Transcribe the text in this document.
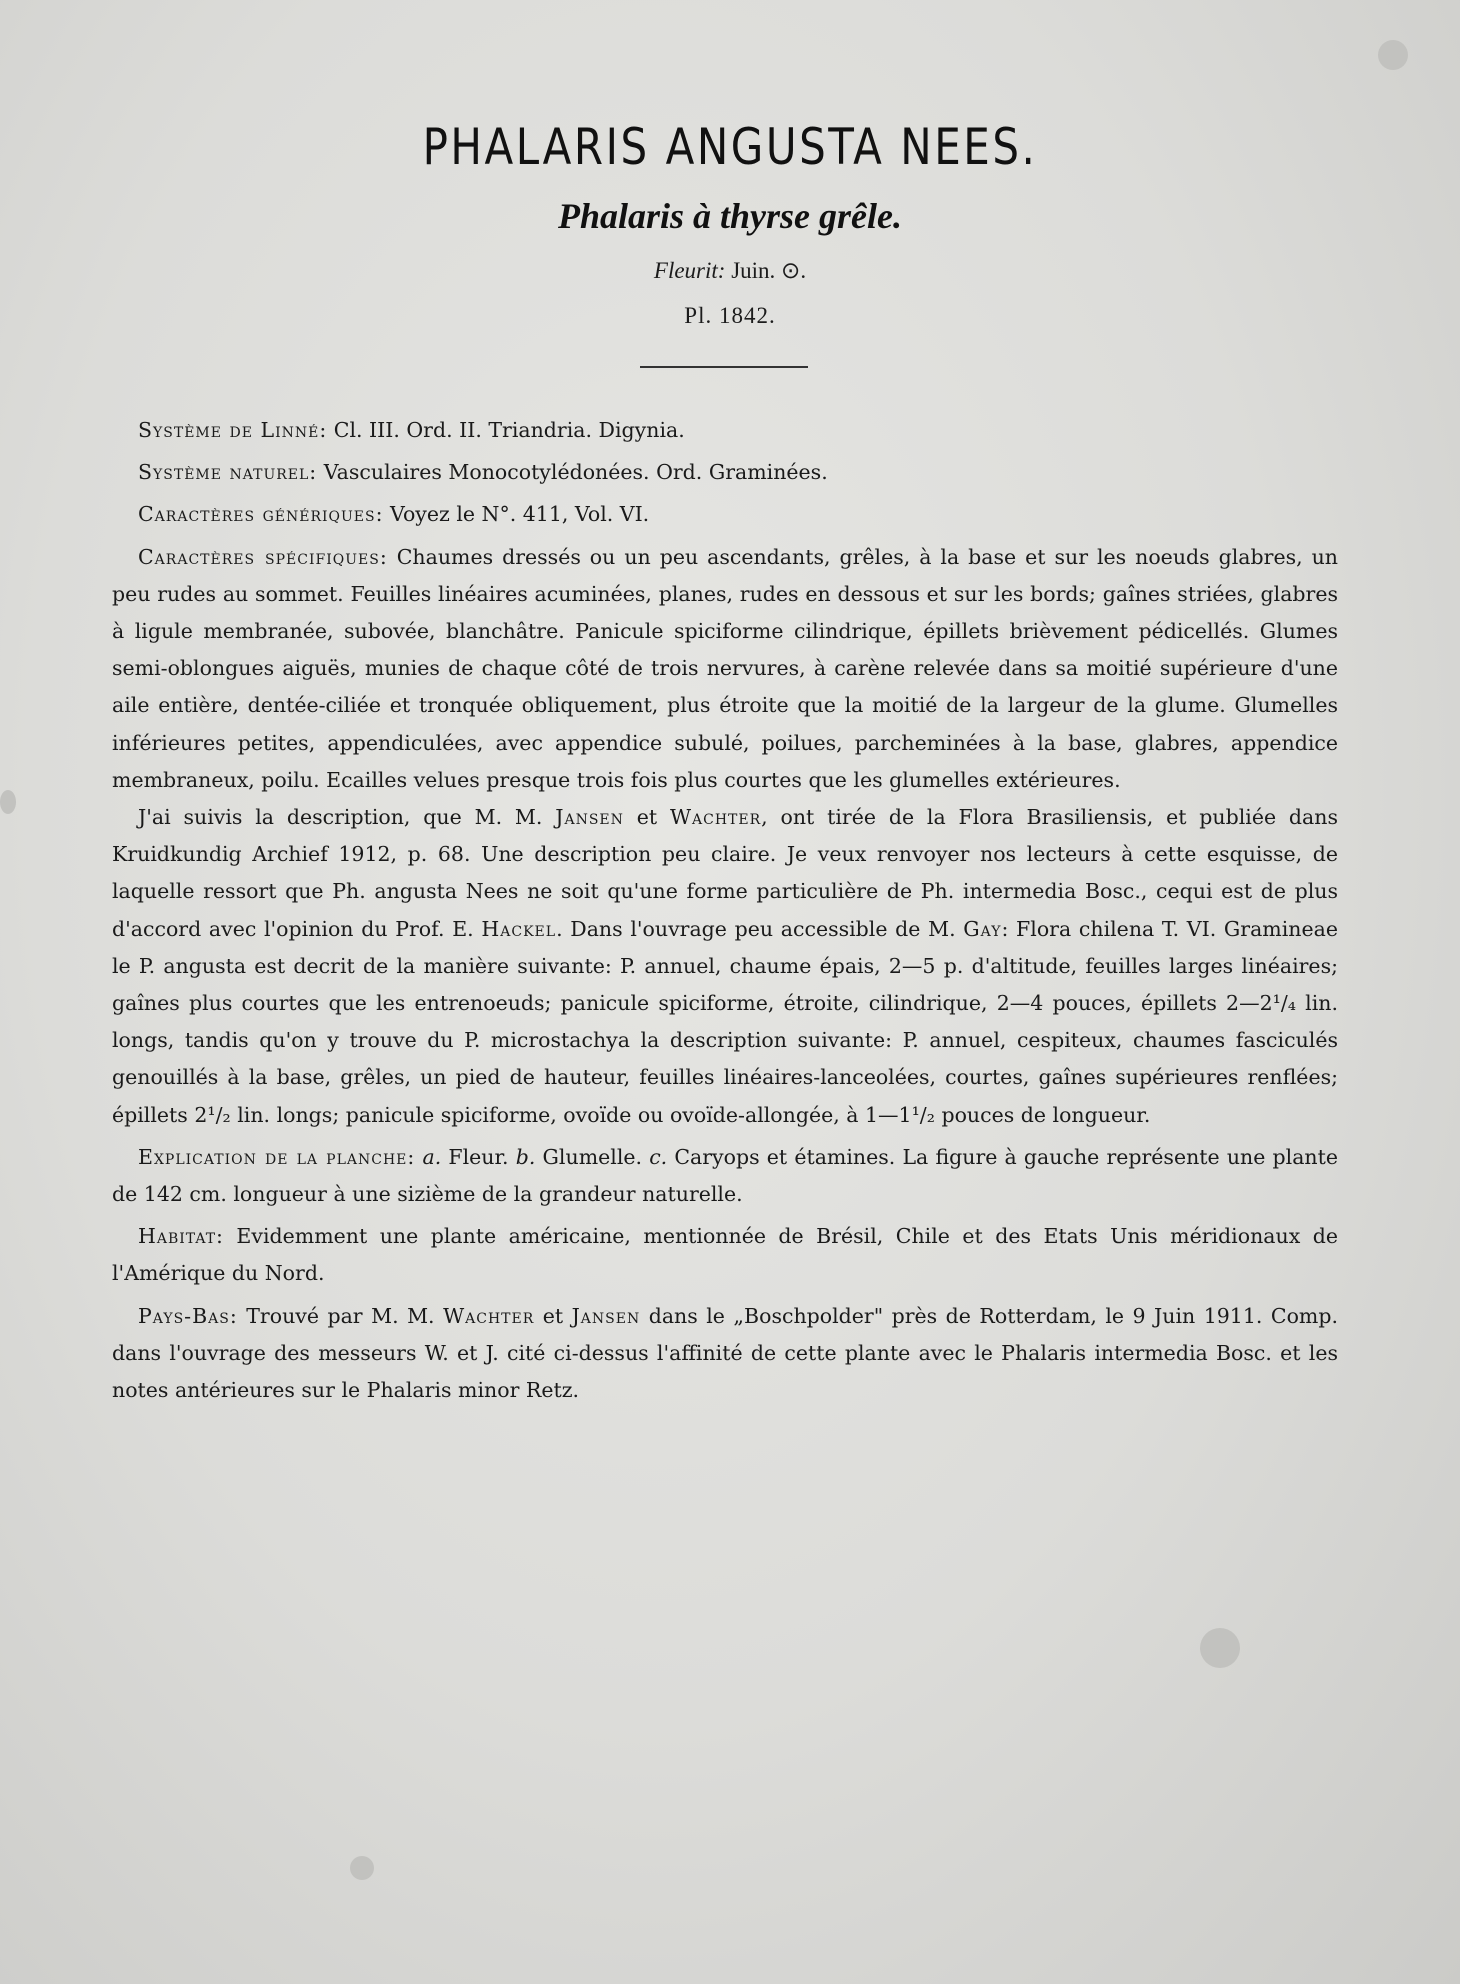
PHALARIS ANGUSTA NEES.
Phalaris à thyrse grêle.
Fleurit: Juin. ⊙.
Pl. 1842.

Système de Linné: Cl. III. Ord. II. Triandria. Digynia.

Système naturel: Vasculaires Monocotylédonées. Ord. Graminées.

Caractères génériques: Voyez le N°. 411, Vol. VI.

Caractères spécifiques: Chaumes dressés ou un peu ascendants, grêles, à la base et sur les noeuds glabres, un peu rudes au sommet. Feuilles linéaires acuminées, planes, rudes en dessous et sur les bords; gaînes striées, glabres à ligule membranée, subovée, blanchâtre. Panicule spiciforme cilindrique, épillets brièvement pédicellés. Glumes semi-oblongues aiguës, munies de chaque côté de trois nervures, à carène relevée dans sa moitié supérieure d'une aile entière, dentée-ciliée et tronquée obliquement, plus étroite que la moitié de la largeur de la glume. Glumelles inférieures petites, appendiculées, avec appendice subulé, poilues, parcheminées à la base, glabres, appendice membraneux, poilu. Ecailles velues presque trois fois plus courtes que les glumelles extérieures.

J'ai suivis la description, que M. M. Jansen et Wachter, ont tirée de la Flora Brasiliensis, et publiée dans Kruidkundig Archief 1912, p. 68. Une description peu claire. Je veux renvoyer nos lecteurs à cette esquisse, de laquelle ressort que Ph. angusta Nees ne soit qu'une forme particulière de Ph. intermedia Bosc., cequi est de plus d'accord avec l'opinion du Prof. E. Hackel. Dans l'ouvrage peu accessible de M. Gay: Flora chilena T. VI. Gramineae le P. angusta est decrit de la manière suivante: P. annuel, chaume épais, 2—5 p. d'altitude, feuilles larges linéaires; gaînes plus courtes que les entrenoeuds; panicule spiciforme, étroite, cilindrique, 2—4 pouces, épillets 2—2¹/₄ lin. longs, tandis qu'on y trouve du P. microstachya la description suivante: P. annuel, cespiteux, chaumes fasciculés genouillés à la base, grêles, un pied de hauteur, feuilles linéaires-lanceolées, courtes, gaînes supérieures renflées; épillets 2¹/₂ lin. longs; panicule spiciforme, ovoïde ou ovoïde-allongée, à 1—1¹/₂ pouces de longueur.

Explication de la planche: a. Fleur. b. Glumelle. c. Caryops et étamines. La figure à gauche représente une plante de 142 cm. longueur à une sizième de la grandeur naturelle.

Habitat: Evidemment une plante américaine, mentionnée de Brésil, Chile et des Etats Unis méridionaux de l'Amérique du Nord.

Pays-Bas: Trouvé par M. M. Wachter et Jansen dans le „Boschpolder" près de Rotterdam, le 9 Juin 1911. Comp. dans l'ouvrage des messeurs W. et J. cité ci-dessus l'affinité de cette plante avec le Phalaris intermedia Bosc. et les notes antérieures sur le Phalaris minor Retz.
